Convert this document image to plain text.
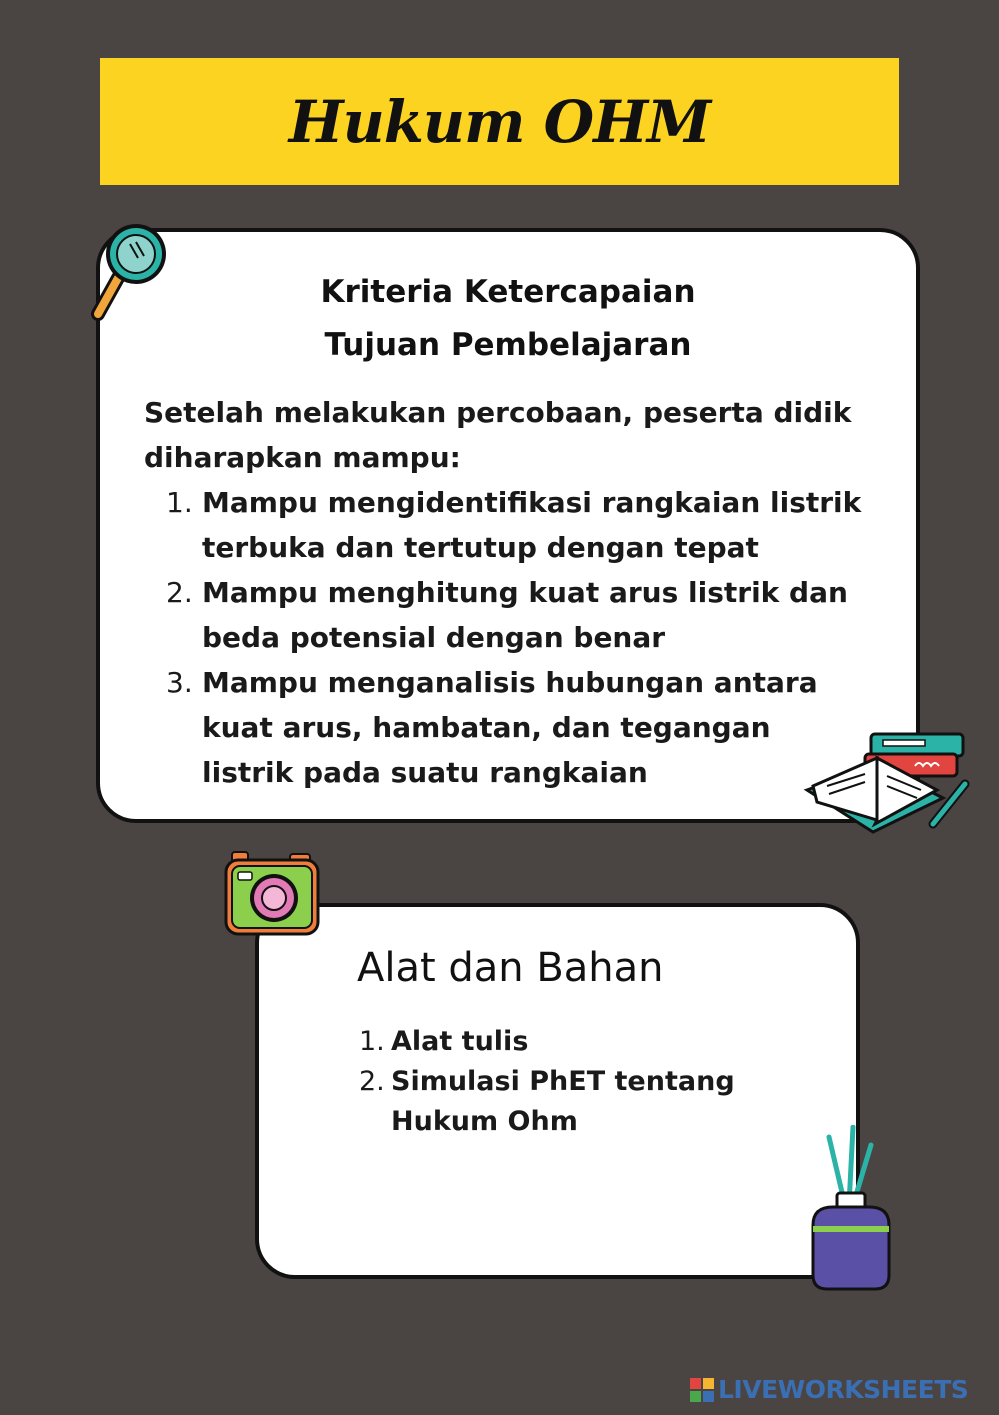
Hukum OHM
Kriteria Ketercapaian
Tujuan Pembelajaran
Setelah melakukan percobaan, peserta didik diharapkan mampu:
1. Mampu mengidentifikasi rangkaian listrik terbuka dan tertutup dengan tepat
2. Mampu menghitung kuat arus listrik dan beda potensial dengan benar
3. Mampu menganalisis hubungan antara kuat arus, hambatan, dan tegangan listrik pada suatu rangkaian
Alat dan Bahan
1. Alat tulis
2. Simulasi PhET tentang Hukum Ohm
LIVEWORKSHEETS
